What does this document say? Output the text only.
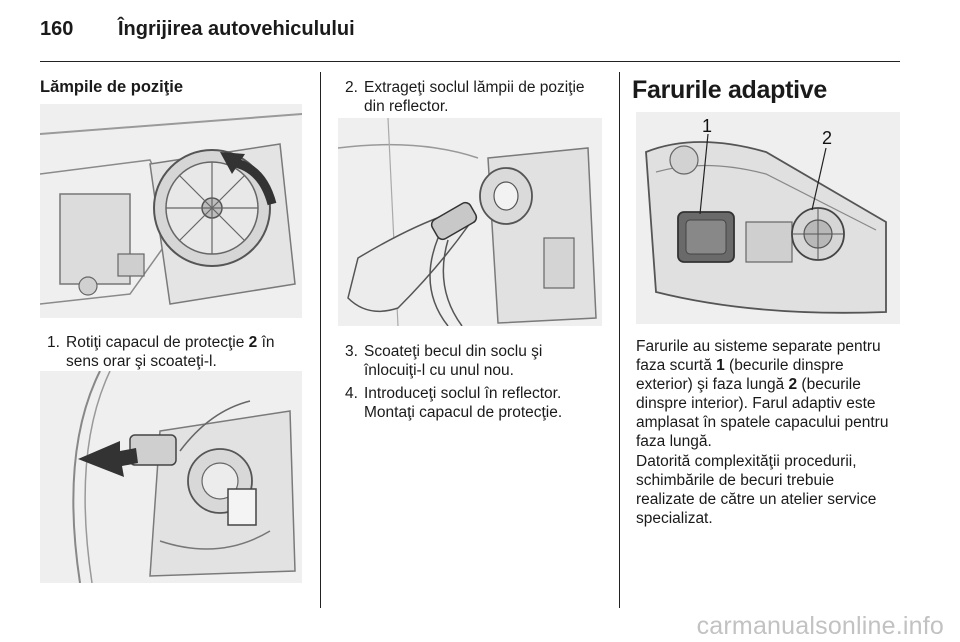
160 Îngrijirea autovehiculului
Lămpile de poziţie
1. Rotiţi capacul de protecţie 2 în
sens orar şi scoateţi-l.
2. Extrageţi soclul lămpii de poziţie
din reflector.
3. Scoateţi becul din soclu şi
înlocuiţi-l cu unul nou.
4. Introduceţi soclul în reflector.
Montaţi capacul de protecţie.
Farurile adaptive
1
2
Farurile au sisteme separate pentru
faza scurtă 1 (becurile dinspre
exterior) şi faza lungă 2 (becurile
dinspre interior). Farul adaptiv este
amplasat în spatele capacului pentru
faza lungă.
Datorită complexităţii procedurii,
schimbările de becuri trebuie
realizate de către un atelier service
specializat.
carmanualsonline.info
